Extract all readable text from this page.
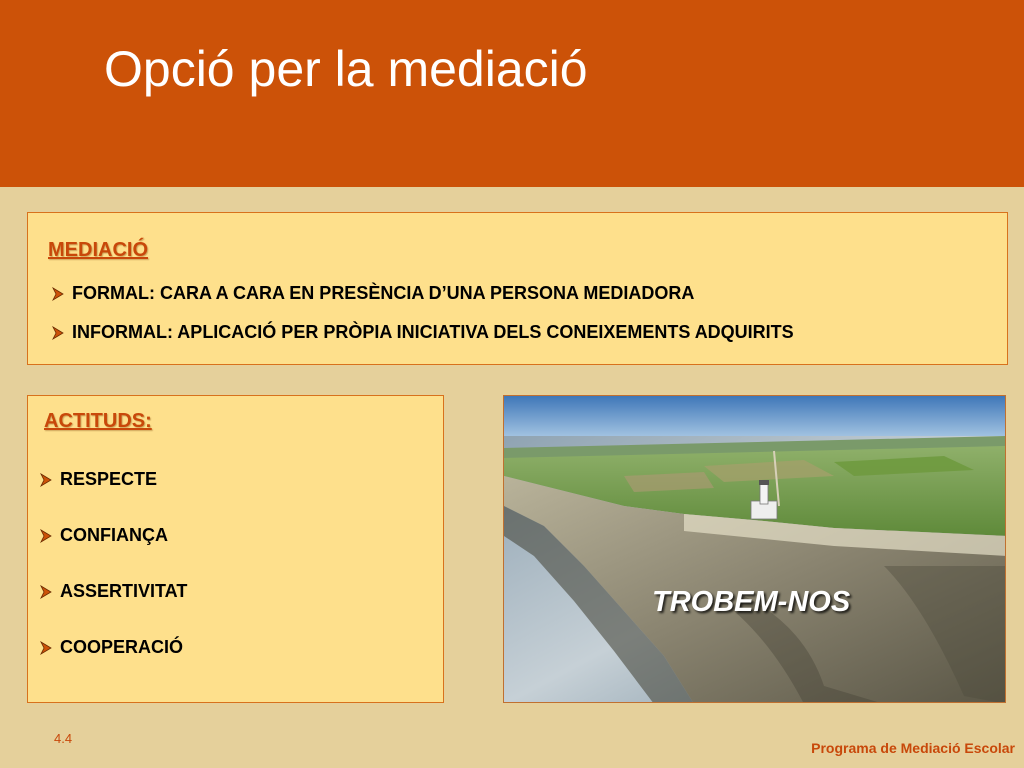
Opció per la mediació
MEDIACIÓ
FORMAL: CARA A CARA EN PRESÈNCIA D’UNA PERSONA MEDIADORA
INFORMAL: APLICACIÓ PER PRÒPIA INICIATIVA DELS CONEIXEMENTS ADQUIRITS
ACTITUDS:
RESPECTE
CONFIANÇA
ASSERTIVITAT
COOPERACIÓ
TROBEM-NOS
4.4
Programa de Mediació Escolar
